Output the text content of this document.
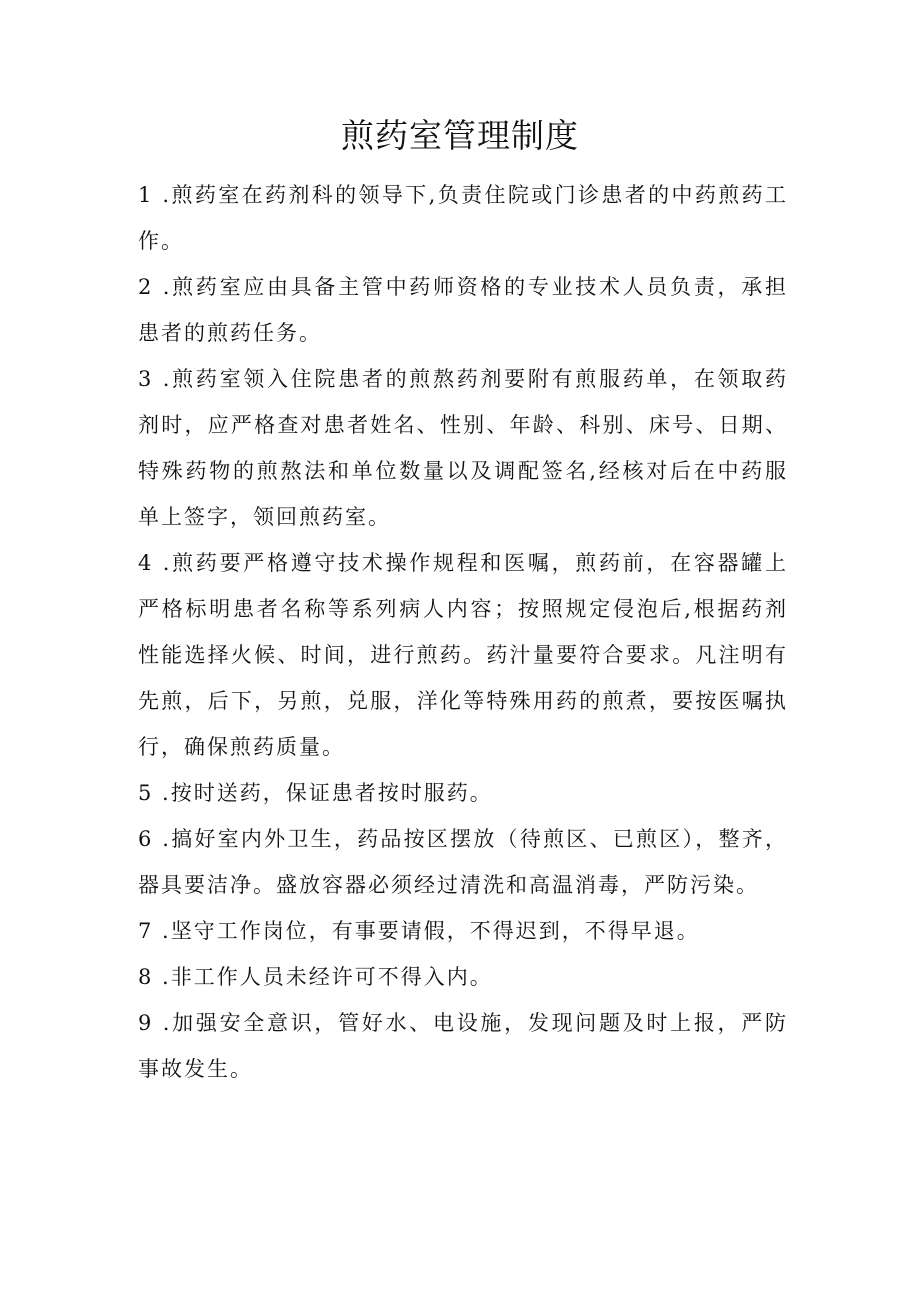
煎药室管理制度
1 .煎药室在药剂科的领导下,负责住院或门诊患者的中药煎药工作。
2 .煎药室应由具备主管中药师资格的专业技术人员负责，承担患者的煎药任务。
3 .煎药室领入住院患者的煎熬药剂要附有煎服药单，在领取药剂时，应严格查对患者姓名、性别、年龄、科别、床号、日期、特殊药物的煎熬法和单位数量以及调配签名,经核对后在中药服单上签字，领回煎药室。
4 .煎药要严格遵守技术操作规程和医嘱，煎药前，在容器罐上严格标明患者名称等系列病人内容；按照规定侵泡后,根据药剂性能选择火候、时间，进行煎药。药汁量要符合要求。凡注明有先煎，后下，另煎，兑服，洋化等特殊用药的煎煮，要按医嘱执行，确保煎药质量。
5 .按时送药，保证患者按时服药。
6 .搞好室内外卫生，药品按区摆放（待煎区、已煎区），整齐，器具要洁净。盛放容器必须经过清洗和高温消毒，严防污染。
7 .坚守工作岗位，有事要请假，不得迟到，不得早退。
8 .非工作人员未经许可不得入内。
9 .加强安全意识，管好水、电设施，发现问题及时上报，严防事故发生。
